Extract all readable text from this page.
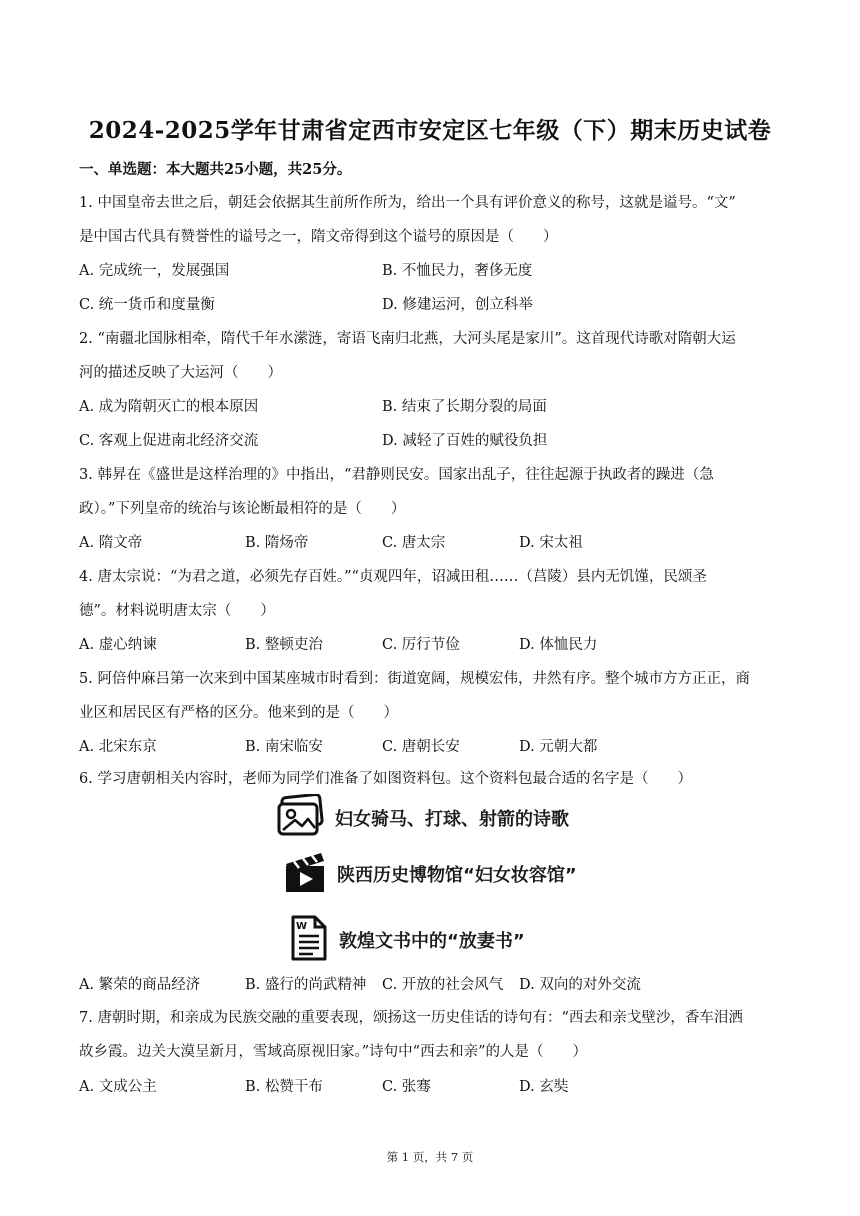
2024-2025学年甘肃省定西市安定区七年级（下）期末历史试卷
一、单选题：本大题共25小题，共25分。
1. 中国皇帝去世之后，朝廷会依据其生前所作所为，给出一个具有评价意义的称号，这就是谥号。“文”
是中国古代具有赞誉性的谥号之一，隋文帝得到这个谥号的原因是（　　）
A. 完成统一，发展强国	B. 不恤民力，奢侈无度
C. 统一货币和度量衡	D. 修建运河，创立科举
2. “南疆北国脉相牵，隋代千年水潆涟，寄语飞南归北燕，大河头尾是家川”。这首现代诗歌对隋朝大运
河的描述反映了大运河（　　）
A. 成为隋朝灭亡的根本原因	B. 结束了长期分裂的局面
C. 客观上促进南北经济交流	D. 减轻了百姓的赋役负担
3. 韩昇在《盛世是这样治理的》中指出，“君静则民安。国家出乱子，往往起源于执政者的躁进（急
政）。”下列皇帝的统治与该论断最相符的是（　　）
A. 隋文帝	B. 隋炀帝	C. 唐太宗	D. 宋太祖
4. 唐太宗说：“为君之道，必须先存百姓。”“贞观四年，诏减田租……（莒陵）县内无饥馑，民颂圣
德”。材料说明唐太宗（　　）
A. 虚心纳谏	B. 整顿吏治	C. 厉行节俭	D. 体恤民力
5. 阿倍仲麻吕第一次来到中国某座城市时看到：街道宽阔，规模宏伟，井然有序。整个城市方方正正，商
业区和居民区有严格的区分。他来到的是（　　）
A. 北宋东京	B. 南宋临安	C. 唐朝长安	D. 元朝大都
6. 学习唐朝相关内容时，老师为同学们准备了如图资料包。这个资料包最合适的名字是（　　）
A. 繁荣的商品经济	B. 盛行的尚武精神 C. 开放的社会风气 D. 双向的对外交流
7. 唐朝时期，和亲成为民族交融的重要表现，颂扬这一历史佳话的诗句有：“西去和亲戈壁沙，香车泪洒
故乡霞。边关大漠呈新月，雪域高原视旧家。”诗句中“西去和亲”的人是（　　）
A. 文成公主	B. 松赞干布	C. 张骞	D. 玄奘
妇女骑马、打球、射箭的诗歌
陕西历史博物馆“妇女妆容馆”
W
敦煌文书中的“放妻书”
第 1 页，共 7 页
